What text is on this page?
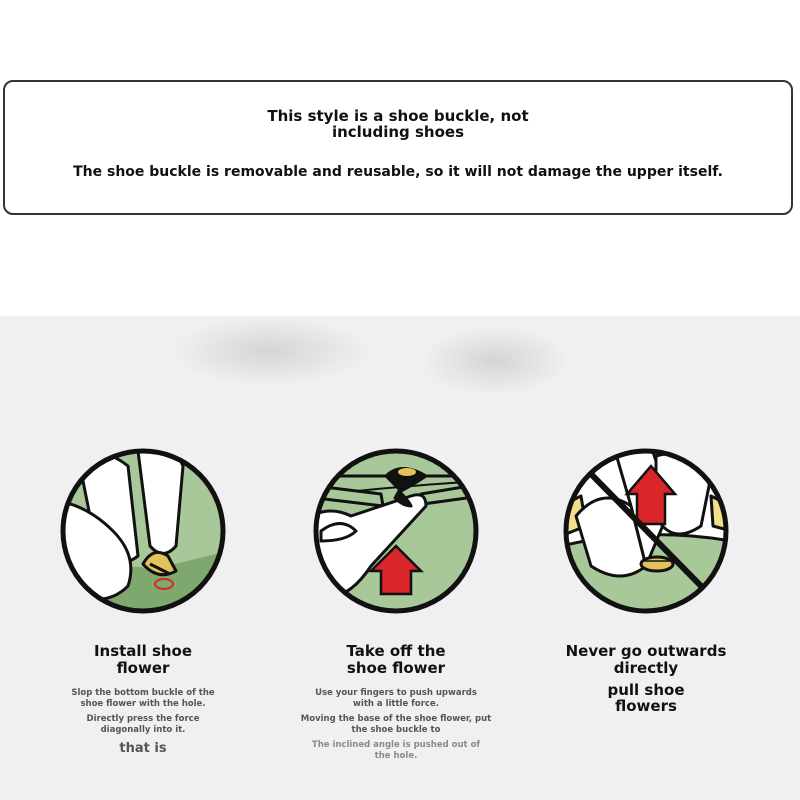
This style is a shoe buckle, not
including shoes
The shoe buckle is removable and reusable, so it will not damage the upper itself.
Install shoe
flower
Slop the bottom buckle of the shoe flower with the hole.
Directly press the force diagonally into it.
that is
Take off the
shoe flower
Use your fingers to push upwards with a little force.
Moving the base of the shoe flower, put the shoe buckle to
The inclined angle is pushed out of the hole.
Never go outwards
directly
pull shoe
flowers
